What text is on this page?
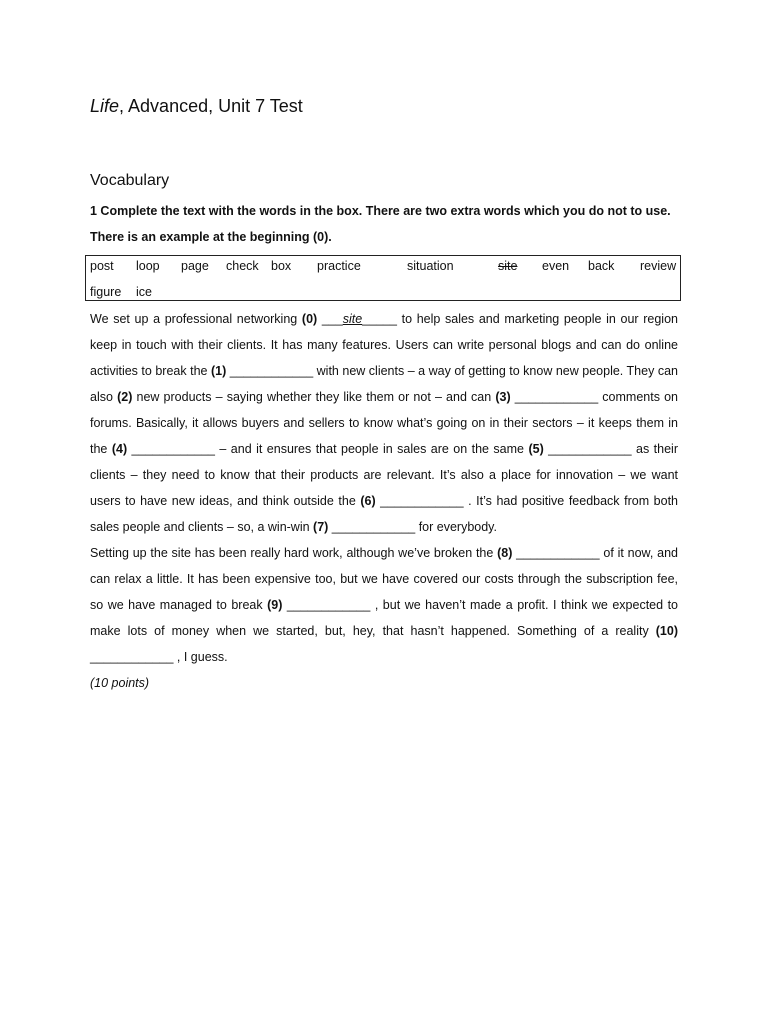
Life, Advanced, Unit 7 Test
Vocabulary

1 Complete the text with the words in the box. There are two extra words which you do not to use. There is an example at the beginning (0).

post loop page check box practice	situation	site even back review
figure ice

We set up a professional networking (0) ___site_____ to help sales and marketing people in our region keep in touch with their clients. It has many features. Users can write personal blogs and can do online activities to break the (1) ____________ with new clients – a way of getting to know new people. They can also (2) new products – saying whether they like them or not – and can (3) ____________ comments on forums. Basically, it allows buyers and sellers to know what’s going on in their sectors – it keeps them in the (4) ____________ – and it ensures that people in sales are on the same (5) ____________ as their clients – they need to know that their products are relevant. It’s also a place for innovation – we want users to have new ideas, and think outside the (6) ____________ . It’s had positive feedback from both sales people and clients – so, a win-win (7) ____________ for everybody.

Setting up the site has been really hard work, although we’ve broken the (8) ____________ of it now, and can relax a little. It has been expensive too, but we have covered our costs through the subscription fee, so we have managed to break (9) ____________ , but we haven’t made a profit. I think we expected to make lots of money when we started, but, hey, that hasn’t happened. Something of a reality (10) ____________ , I guess.

(10 points)
